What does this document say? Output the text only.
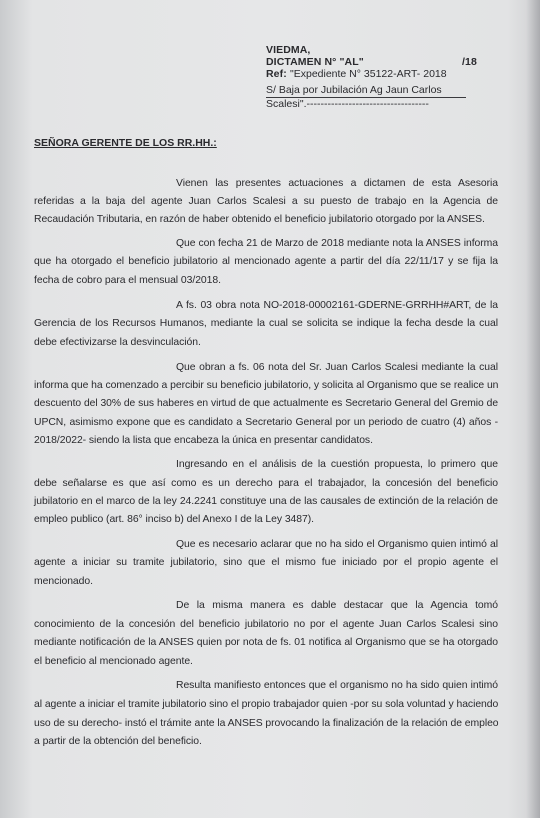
VIEDMA,
DICTAMEN N° "AL"	/18
Ref: "Expediente N° 35122-ART- 2018
S/ Baja por Jubilación Ag Jaun Carlos
Scalesi".-----------------------------------
SEÑORA GERENTE DE LOS RR.HH.:
Vienen las presentes actuaciones a dictamen de esta Asesoria
referidas a la baja del agente Juan Carlos Scalesi a su puesto de trabajo en la Agencia de
Recaudación Tributaria, en razón de haber obtenido el beneficio jubilatorio otorgado por la ANSES.
Que con fecha 21 de Marzo de 2018 mediante nota la ANSES informa
que ha otorgado el beneficio jubilatorio al mencionado agente a partir del día 22/11/17 y se fija la
fecha de cobro para el mensual 03/2018.
A fs. 03 obra nota NO-2018-00002161-GDERNE-GRRHH#ART, de la
Gerencia de los Recursos Humanos, mediante la cual se solicita se indique la fecha desde la cual
debe efectivizarse la desvinculación.
Que obran a fs. 06 nota del Sr. Juan Carlos Scalesi mediante la cual
informa que ha comenzado a percibir su beneficio jubilatorio, y solicita al Organismo que se realice un
descuento del 30% de sus haberes en virtud de que actualmente es Secretario General del Gremio de
UPCN, asimismo expone que es candidato a Secretario General por un periodo de cuatro (4) años -
2018/2022- siendo la lista que encabeza la única en presentar candidatos.
Ingresando en el análisis de la cuestión propuesta, lo primero que
debe señalarse es que así como es un derecho para el trabajador, la concesión del beneficio
jubilatorio en el marco de la ley 24.2241 constituye una de las causales de extinción de la relación de
empleo publico (art. 86° inciso b) del Anexo I de la Ley 3487).
Que es necesario aclarar que no ha sido el Organismo quien intimó al
agente a iniciar su tramite jubilatorio, sino que el mismo fue iniciado por el propio agente el
mencionado.
De la misma manera es dable destacar que la Agencia tomó
conocimiento de la concesión del beneficio jubilatorio no por el agente Juan Carlos Scalesi sino
mediante notificación de la ANSES quien por nota de fs. 01 notifica al Organismo que se ha otorgado
el beneficio al mencionado agente.
Resulta manifiesto entonces que el organismo no ha sido quien intimó
al agente a iniciar el tramite jubilatorio sino el propio trabajador quien -por su sola voluntad y haciendo
uso de su derecho- instó el trámite ante la ANSES provocando la finalización de la relación de empleo
a partir de la obtención del beneficio.
